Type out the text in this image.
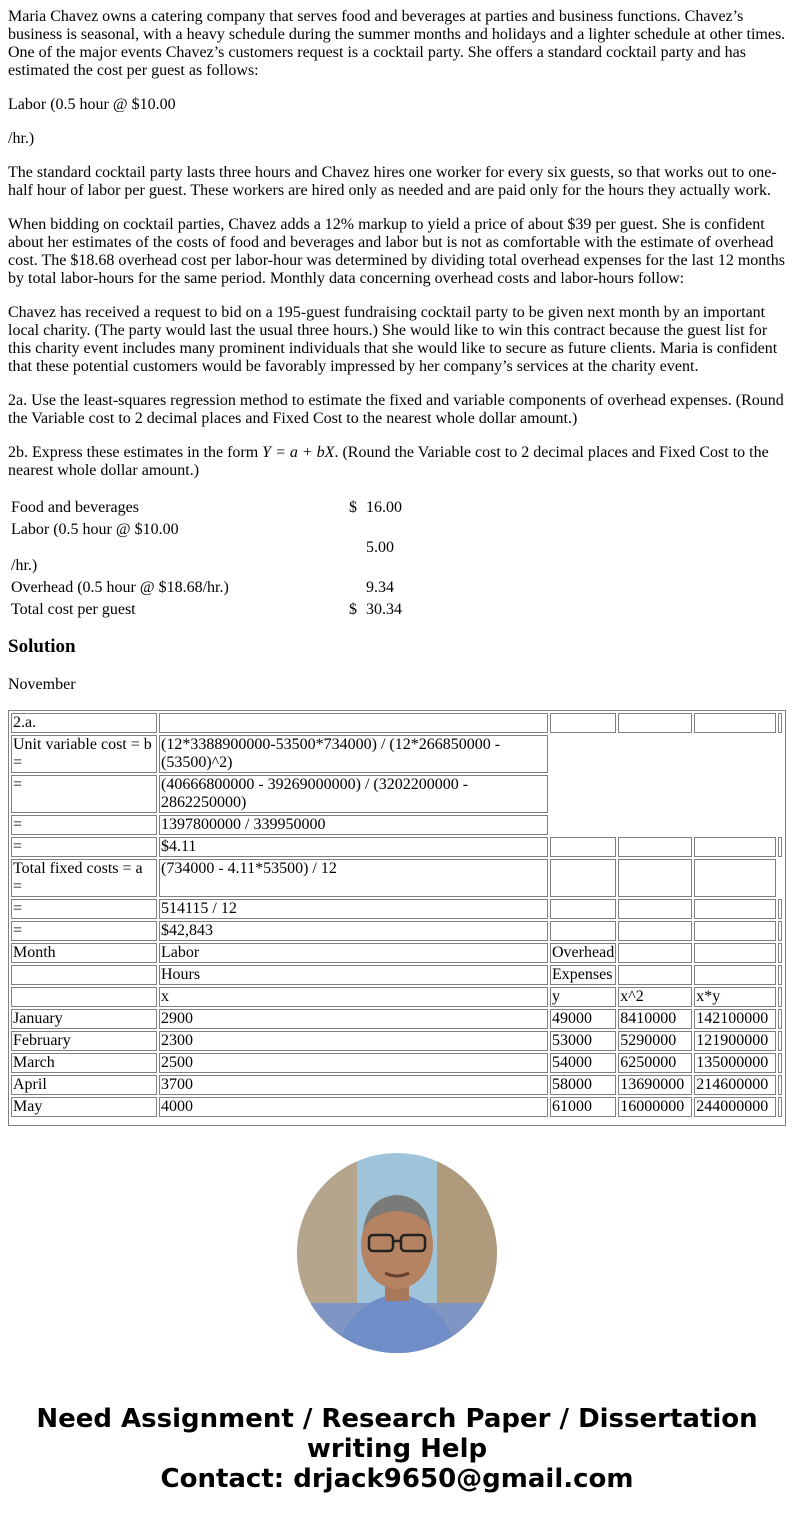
Maria Chavez owns a catering company that serves food and beverages at parties and business functions. Chavez’s business is seasonal, with a heavy schedule during the summer months and holidays and a lighter schedule at other times. One of the major events Chavez’s customers request is a cocktail party. She offers a standard cocktail party and has estimated the cost per guest as follows:

Labor (0.5 hour @ $10.00

/hr.)

The standard cocktail party lasts three hours and Chavez hires one worker for every six guests, so that works out to one-half hour of labor per guest. These workers are hired only as needed and are paid only for the hours they actually work.

When bidding on cocktail parties, Chavez adds a 12% markup to yield a price of about $39 per guest. She is confident about her estimates of the costs of food and beverages and labor but is not as comfortable with the estimate of overhead cost. The $18.68 overhead cost per labor-hour was determined by dividing total overhead expenses for the last 12 months by total labor-hours for the same period. Monthly data concerning overhead costs and labor-hours follow:

Chavez has received a request to bid on a 195-guest fundraising cocktail party to be given next month by an important local charity. (The party would last the usual three hours.) She would like to win this contract because the guest list for this charity event includes many prominent individuals that she would like to secure as future clients. Maria is confident that these potential customers would be favorably impressed by her company’s services at the charity event.

2a. Use the least-squares regression method to estimate the fixed and variable components of overhead expenses. (Round the Variable cost to 2 decimal places and Fixed Cost to the nearest whole dollar amount.)

2b. Express these estimates in the form Y = a + bX. (Round the Variable cost to 2 decimal places and Fixed Cost to the nearest whole dollar amount.)

Food and beverages	$	16.00
Labor (0.5 hour @ $10.00

/hr.)		5.00
Overhead (0.5 hour @ $18.68/hr.)		9.34
Total cost per guest	$	30.34
Solution
November
2.a.					
Unit variable cost = b =	(12*3388900000-53500*734000) / (12*266850000 - (53500)^2)				
=	(40666800000 - 39269000000) / (3202200000 - 2862250000)				
=	1397800000 / 339950000				
=	$4.11				
Total fixed costs = a =	(734000 - 4.11*53500) / 12				
=	514115 / 12				
=	$42,843				
Month	Labor	Overhead			
	Hours	Expenses			
	x	y	x^2	x*y	
January	2900	49000	8410000	142100000	
February	2300	53000	5290000	121900000	
March	2500	54000	6250000	135000000	
April	3700	58000	13690000	214600000	
May	4000	61000	16000000	244000000	
Need Assignment / Research Paper / Dissertation
writing Help
Contact: drjack9650@gmail.com
